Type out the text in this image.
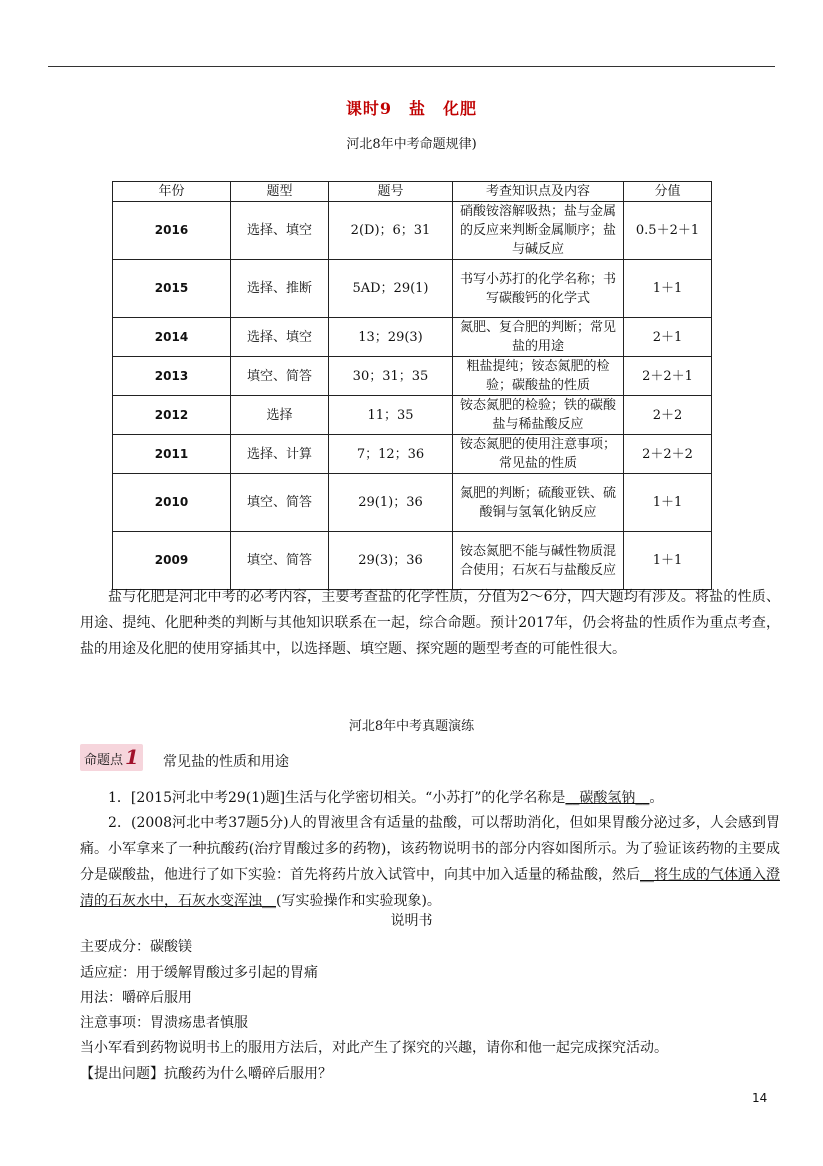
课时9　盐　化肥
河北8年中考命题规律)
年份	题型	题号	考查知识点及内容	分值
2016	选择、填空	2(D)；6；31	硝酸铵溶解吸热；盐与金属的反应来判断金属顺序；盐与碱反应	0.5＋2＋1
2015	选择、推断	5AD；29(1)	书写小苏打的化学名称；书写碳酸钙的化学式	1＋1
2014	选择、填空	13；29(3)	氮肥、复合肥的判断；常见盐的用途	2＋1
2013	填空、简答	30；31；35	粗盐提纯；铵态氮肥的检验；碳酸盐的性质	2＋2＋1
2012	选择	11；35	铵态氮肥的检验；铁的碳酸盐与稀盐酸反应	2＋2
2011	选择、计算	7；12；36	铵态氮肥的使用注意事项；常见盐的性质	2＋2＋2
2010	填空、简答	29(1)；36	氮肥的判断；硫酸亚铁、硫酸铜与氢氧化钠反应	1＋1
2009	填空、简答	29(3)；36	铵态氮肥不能与碱性物质混合使用；石灰石与盐酸反应	1＋1
盐与化肥是河北中考的必考内容，主要考查盐的化学性质，分值为2～6分，四大题均有涉及。将盐的性质、用途、提纯、化肥种类的判断与其他知识联系在一起，综合命题。预计2017年，仍会将盐的性质作为重点考查，盐的用途及化肥的使用穿插其中，以选择题、填空题、探究题的题型考查的可能性很大。
河北8年中考真题演练
命题点 1 常见盐的性质和用途
1．[2015河北中考29(1)题]生活与化学密切相关。“小苏打”的化学名称是__碳酸氢钠__。
2．(2008河北中考37题5分)人的胃液里含有适量的盐酸，可以帮助消化，但如果胃酸分泌过多，人会感到胃痛。小军拿来了一种抗酸药(治疗胃酸过多的药物)，该药物说明书的部分内容如图所示。为了验证该药物的主要成分是碳酸盐，他进行了如下实验：首先将药片放入试管中，向其中加入适量的稀盐酸，然后__将生成的气体通入澄清的石灰水中，石灰水变浑浊__(写实验操作和实验现象)。
说明书
主要成分：碳酸镁
适应症：用于缓解胃酸过多引起的胃痛
用法：嚼碎后服用
注意事项：胃溃疡患者慎服
当小军看到药物说明书上的服用方法后，对此产生了探究的兴趣，请你和他一起完成探究活动。
【提出问题】抗酸药为什么嚼碎后服用？
14
